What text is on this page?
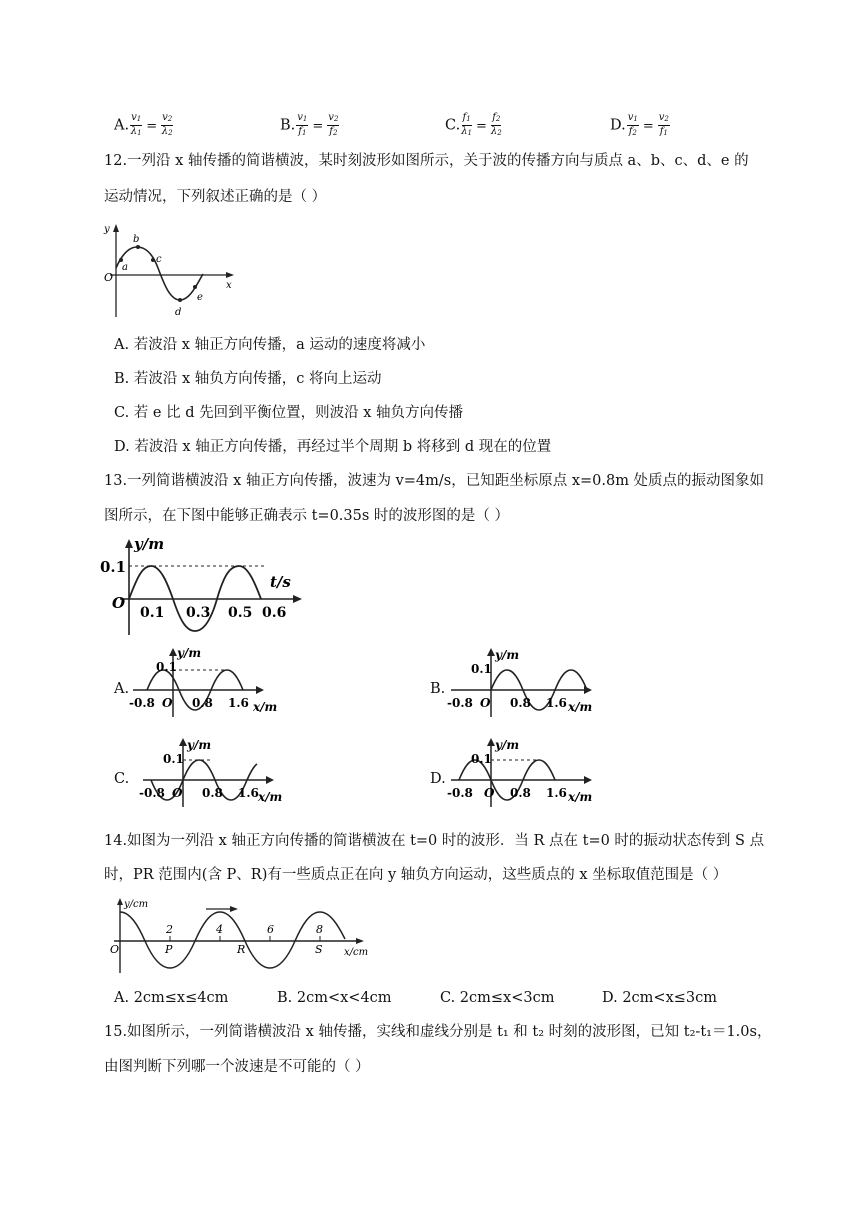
A. $\frac{v_1}{\lambda_1} = \frac{v_2}{\lambda_2}$	B. $\frac{v_1}{f_1} = \frac{v_2}{f_2}$	C. $\frac{f_1}{\lambda_1} = \frac{f_2}{\lambda_2}$	D. $\frac{v_1}{f_2} = \frac{v_2}{f_1}$
12.一列沿 x 轴传播的简谐横波，某时刻波形如图所示，关于波的传播方向与质点 a、b、c、d、e 的
运动情况，下列叙述正确的是（ ）
y
x
O
a
b
c
d
e
A. 若波沿 x 轴正方向传播，a 运动的速度将减小
B. 若波沿 x 轴负方向传播，c 将向上运动
C. 若 e 比 d 先回到平衡位置，则波沿 x 轴负方向传播
D. 若波沿 x 轴正方向传播，再经过半个周期 b 将移到 d 现在的位置
13.一列简谐横波沿 x 轴正方向传播，波速为 v=4m/s，已知距坐标原点 x=0.8m 处质点的振动图象如
图所示，在下图中能够正确表示 t=0.35s 时的波形图的是（ ）
0.1
y/m
t/s
O
0.1 0.3 0.5 0.6
A.
0.1
y/m
x/m
O
-0.8	0.8 1.6
B.
0.1
y/m
x/m
O
-0.8	0.8 1.6
C.
0.1
y/m
x/m
O
-0.8	0.8 1.6
D.
0.1
y/m
x/m
O
-0.8	0.8 1.6
14.如图为一列沿 x 轴正方向传播的简谐横波在 t=0 时的波形．当 R 点在 t=0 时的振动状态传到 S 点
时，PR 范围内(含 P、R)有一些质点正在向 y 轴负方向运动，这些质点的 x 坐标取值范围是（ ）
y/cm
x/cm
O
2	4	6	8
P	R	S
A. 2cm≤x≤4cm	B. 2cm<x<4cm	C. 2cm≤x<3cm	D. 2cm<x≤3cm
15.如图所示，一列简谐横波沿 x 轴传播，实线和虚线分别是 t₁ 和 t₂ 时刻的波形图，已知 t₂-t₁＝1.0s，
由图判断下列哪一个波速是不可能的（ ）
